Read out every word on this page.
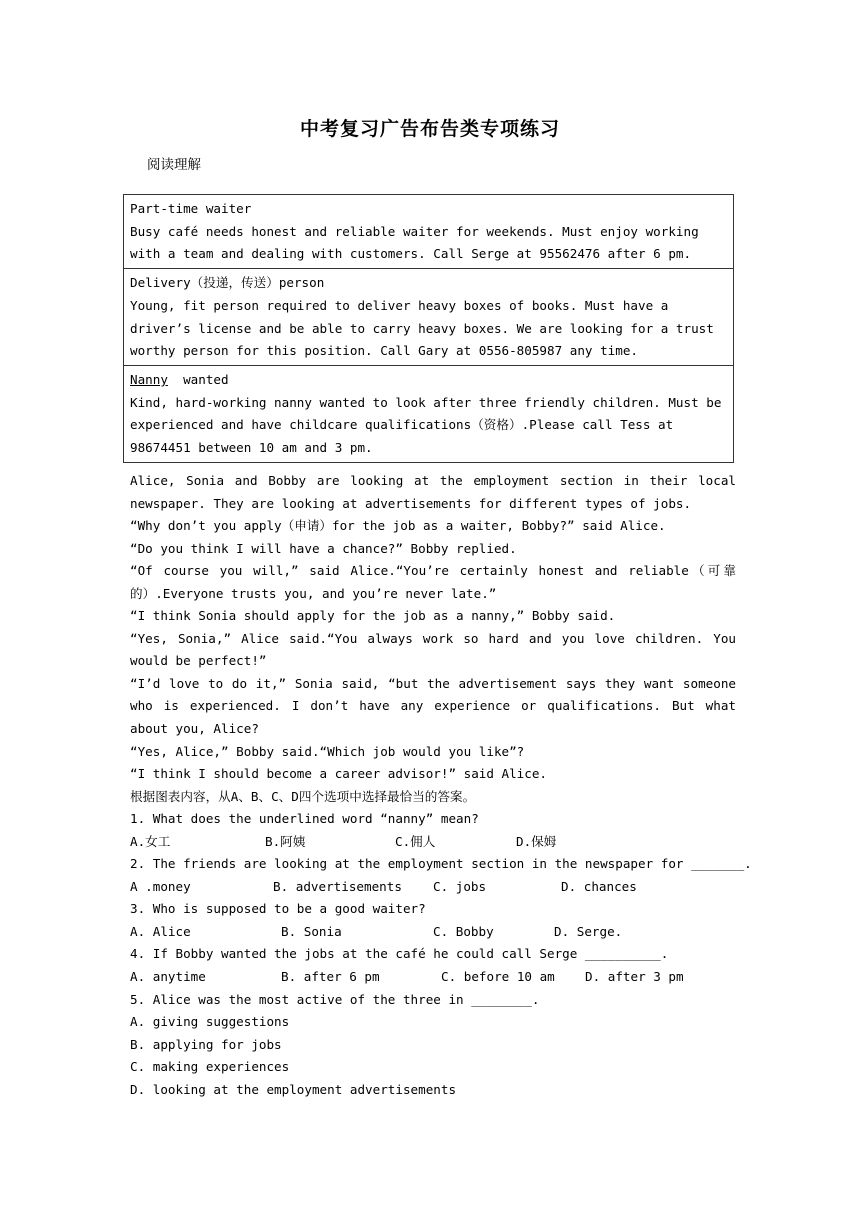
中考复习广告布告类专项练习
阅读理解
Part-time waiter
Busy café needs honest and reliable waiter for weekends. Must enjoy working with a team and dealing with customers. Call Serge at 95562476 after 6 pm.
Delivery（投递，传送）person
Young, fit person required to deliver heavy boxes of books. Must have a driver’s license and be able to carry heavy boxes. We are looking for a trust worthy person for this position. Call Gary at 0556-805987 any time.
Nanny  wanted
Kind, hard-working nanny wanted to look after three friendly children. Must be experienced and have childcare qualifications（资格）.Please call Tess at 98674451 between 10 am and 3 pm.
Alice, Sonia and Bobby are looking at the employment section in their local newspaper. They are looking at advertisements for different types of jobs.
“Why don’t you apply（申请）for the job as a waiter, Bobby?” said Alice.
“Do you think I will have a chance?” Bobby replied.
“Of course you will,” said Alice.“You’re certainly honest and reliable（可靠的）.Everyone trusts you, and you’re never late.”
“I think Sonia should apply for the job as a nanny,” Bobby said.
“Yes, Sonia,” Alice said.“You always work so hard and you love children. You would be perfect!”
“I’d love to do it,” Sonia said, “but the advertisement says they want someone who is experienced. I don’t have any experience or qualifications. But what about you, Alice?
“Yes, Alice,” Bobby said.“Which job would you like”?
“I think I should become a career advisor!” said Alice.
根据图表内容，从A、B、C、D四个选项中选择最恰当的答案。
1. What does the underlined word “nanny” mean?
A.女工	B.阿姨	C.佣人	D.保姆
2. The friends are looking at the employment section in the newspaper for _______.
A .money	B. advertisements	C. jobs	D. chances
3. Who is supposed to be a good waiter?
A. Alice	B. Sonia	C. Bobby	D. Serge.
4. If Bobby wanted the jobs at the café he could call Serge __________.
A. anytime	B. after 6 pm	C. before 10 am	D. after 3 pm
5. Alice was the most active of the three in ________.
A. giving suggestions
B. applying for jobs
C. making experiences
D. looking at the employment advertisements
